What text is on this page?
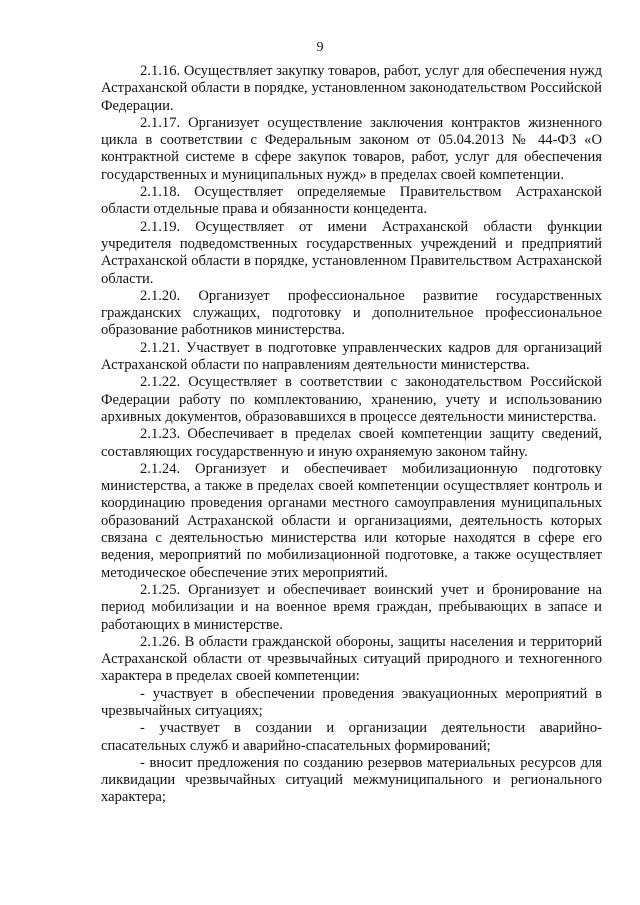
9

2.1.16. Осуществляет закупку товаров, работ, услуг для обеспечения нужд Астраханской области в порядке, установленном законодательством Российской Федерации.

2.1.17. Организует осуществление заключения контрактов жизненного цикла в соответствии с Федеральным законом от 05.04.2013 № 44-ФЗ «О контрактной системе в сфере закупок товаров, работ, услуг для обеспечения государственных и муниципальных нужд» в пределах своей компетенции.

2.1.18. Осуществляет определяемые Правительством Астраханской области отдельные права и обязанности концедента.

2.1.19. Осуществляет от имени Астраханской области функции учредителя подведомственных государственных учреждений и предприятий Астраханской области в порядке, установленном Правительством Астраханской области.

2.1.20. Организует профессиональное развитие государственных гражданских служащих, подготовку и дополнительное профессиональное образование работников министерства.

2.1.21. Участвует в подготовке управленческих кадров для организаций Астраханской области по направлениям деятельности министерства.

2.1.22. Осуществляет в соответствии с законодательством Российской Федерации работу по комплектованию, хранению, учету и использованию архивных документов, образовавшихся в процессе деятельности министерства.

2.1.23. Обеспечивает в пределах своей компетенции защиту сведений, составляющих государственную и иную охраняемую законом тайну.

2.1.24. Организует и обеспечивает мобилизационную подготовку министерства, а также в пределах своей компетенции осуществляет контроль и координацию проведения органами местного самоуправления муниципальных образований Астраханской области и организациями, деятельность которых связана с деятельностью министерства или которые находятся в сфере его ведения, мероприятий по мобилизационной подготовке, а также осуществляет методическое обеспечение этих мероприятий.

2.1.25. Организует и обеспечивает воинский учет и бронирование на период мобилизации и на военное время граждан, пребывающих в запасе и работающих в министерстве.

2.1.26. В области гражданской обороны, защиты населения и территорий Астраханской области от чрезвычайных ситуаций природного и техногенного характера в пределах своей компетенции:

- участвует в обеспечении проведения эвакуационных мероприятий в чрезвычайных ситуациях;

- участвует в создании и организации деятельности аварийно-спасательных служб и аварийно-спасательных формирований;

- вносит предложения по созданию резервов материальных ресурсов для ликвидации чрезвычайных ситуаций межмуниципального и регионального характера;
